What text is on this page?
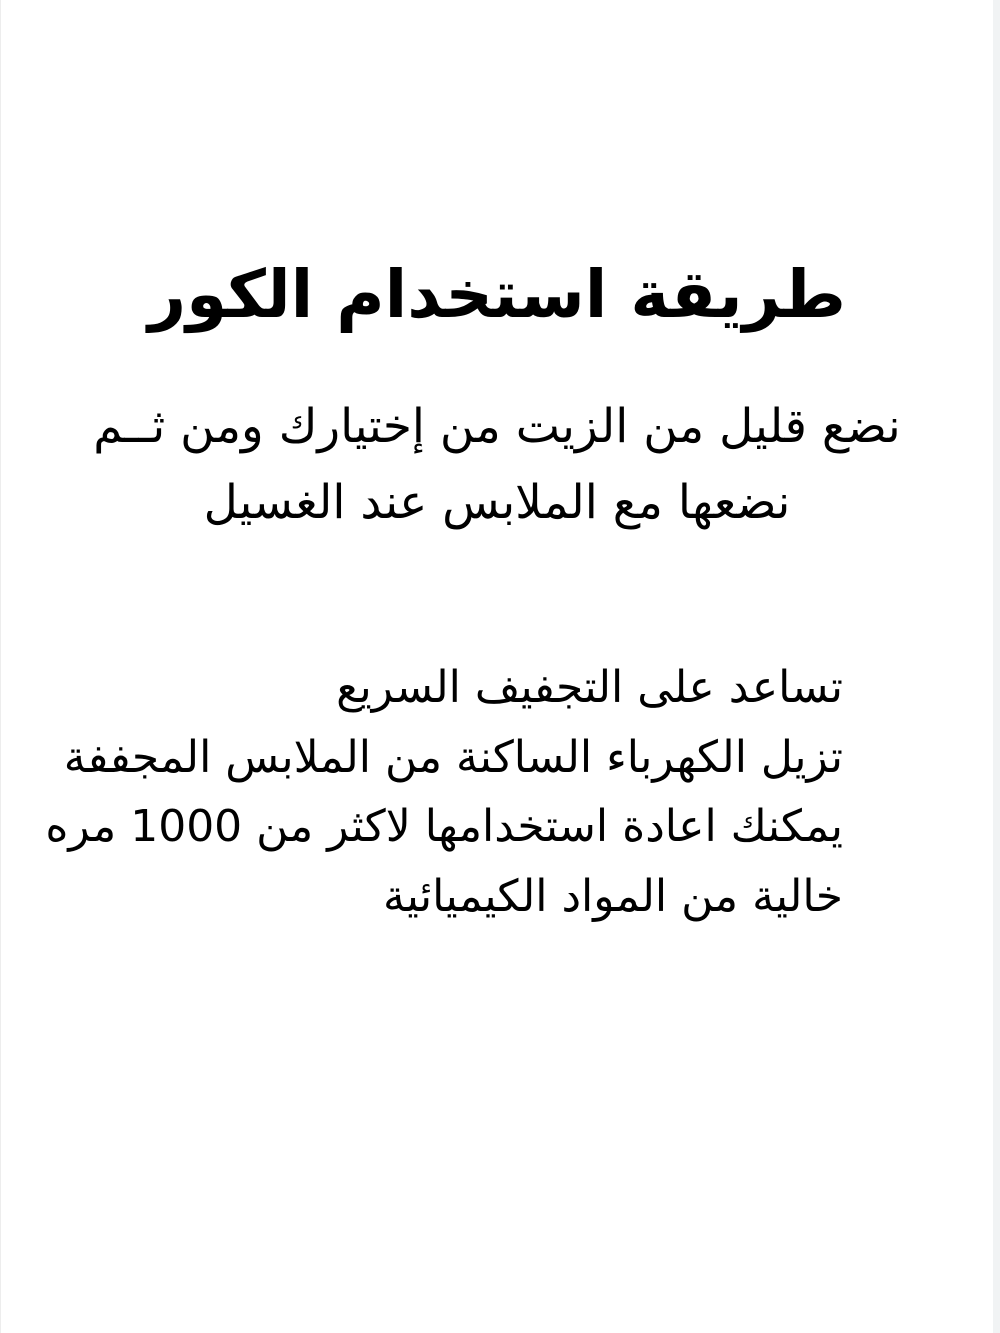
طريقة استخدام الكور

نضع قليل من الزيت من إختيارك ومن ثــم
نضعها مع الملابس عند الغسيل

تساعد على التجفيف السريع
تزيل الكهرباء الساكنة من الملابس المجففة
يمكنك اعادة استخدامها لاكثر من 1000 مره
خالية من المواد الكيميائية
